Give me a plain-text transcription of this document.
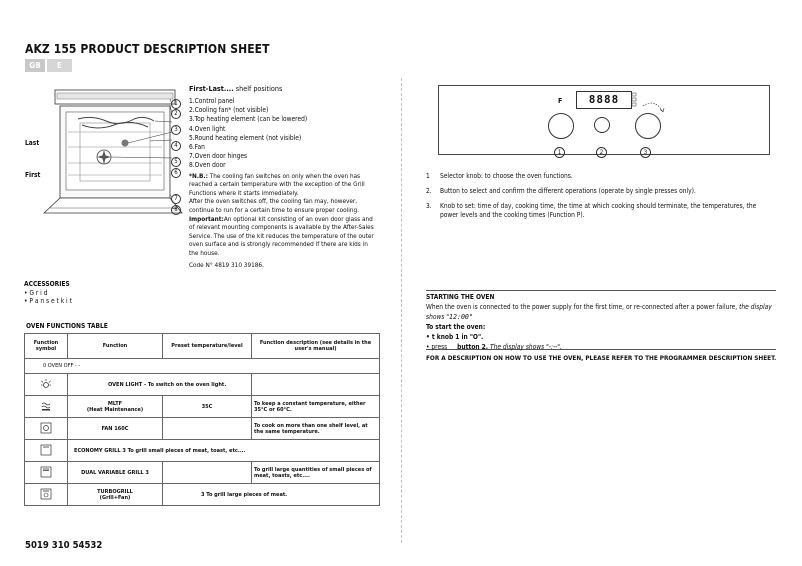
AKZ 155 PRODUCT DESCRIPTION SHEET
GB	E
1
2
3
4
5
6
7
8
Last
First
First-Last.... shelf positions
1.Control panel
2.Cooling fan* (not visible)
3.Top heating element (can be lowered)
4.Oven light
5.Round heating element (not visible)
6.Fan
7.Oven door hinges
8.Oven door
*N.B.: The cooling fan switches on only when the oven has reached a certain temperature with the exception of the Grill Functions where it starts immediately.
After the oven switches off, the cooling fan may, however, continue to run for a certain time to ensure proper cooling.
Important:An optional kit consisting of an oven door glass and of relevant mounting components is available by the After-Sales Service. The use of the kit reduces the temperature of the outer oven surface and is strongly recommended if there are kids in the house.
Code N° 4819 310 39186.
ACCESSORIES
• G r i d
• P a n s e t k i t
OVEN FUNCTIONS TABLE
Function symbol	Function	Preset temperature/level	Function description (see details in the user's manual)
0 OVEN OFF - -			
	OVEN LIGHT - To switch on the oven light.		
	MLTF
(Heat Maintenance)	35C	To keep a constant temperature, either 35°C or 60°C.
	FAN 160C		To cook on more than one shelf level, at the same temperature.
	ECONOMY GRILL 3 To grill small pieces of meat, toast, etc....		
	DUAL VARIABLE GRILL 3		To grill large quantities of small pieces of meat, toasts, etc....
	TURBOGRILL
(Grill+Fan)	3 To grill large pieces of meat.	
F	8888
1	2	3
1 Selector knob: to choose the oven functions.
2. Button to select and confirm the different operations (operate by single presses only).
3. Knob to set: time of day, cooking time, the time at which cooking should terminate, the temperatures, the power levels and the cooking times (Function P).
STARTING THE OVEN
When the oven is connected to the power supply for the first time, or re-connected after a power failure, the display shows "12:00"
To start the oven:
• t knob 1 in "O".
• press button 2. The display shows "-:--".
FOR A DESCRIPTION ON HOW TO USE THE OVEN, PLEASE REFER TO THE PROGRAMMER DESCRIPTION SHEET.
5019 310 54532
